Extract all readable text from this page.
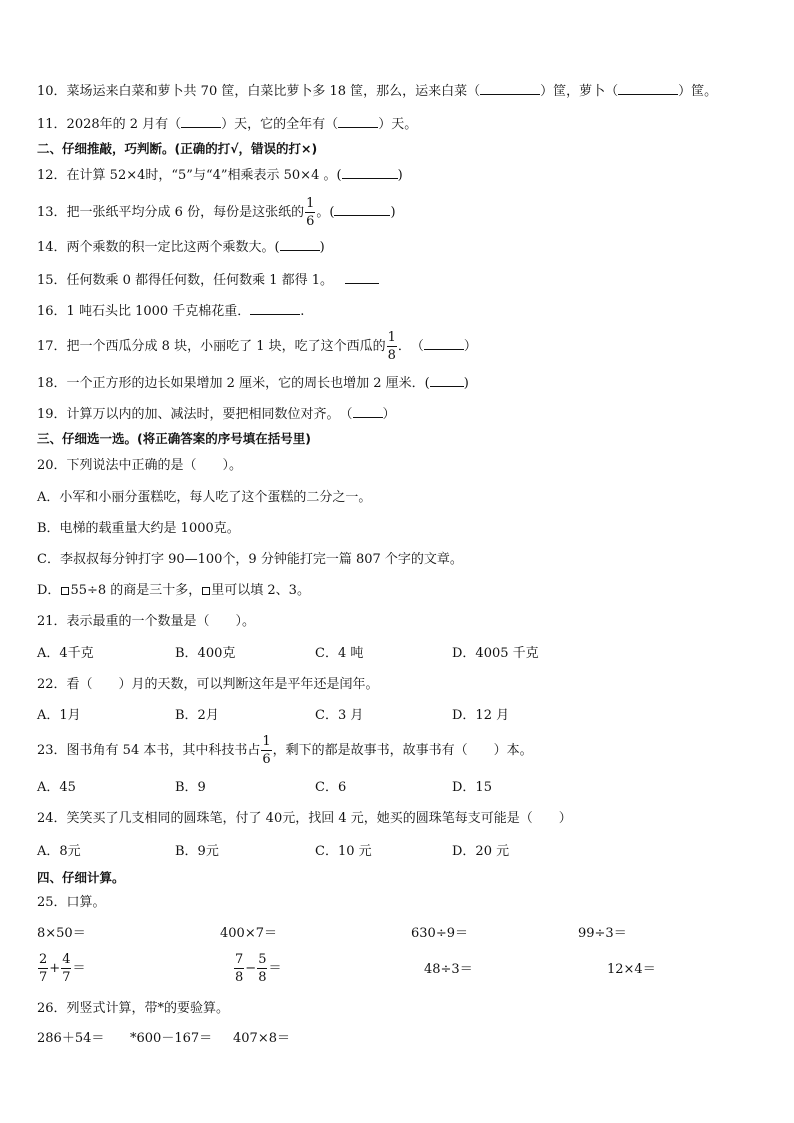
10．菜场运来白菜和萝卜共 70 筐，白菜比萝卜多 18 筐，那么，运来白菜（	）筐，萝卜（	）筐。
11．2028年的 2 月有（	）天，它的全年有（	）天。
二、仔细推敲，巧判断。(正确的打√，错误的打×)
12．在计算 52×4时，“5”与“4”相乘表示 50×4 。(	)
13．把一张纸平均分成 6 份，每份是这张纸的 $\frac{1}{6}$ 。(	)
14．两个乘数的积一定比这两个乘数大。(	)
15．任何数乘 0 都得任何数，任何数乘 1 都得 1。
16．1 吨石头比 1000 千克棉花重．	.
17．把一个西瓜分成 8 块，小丽吃了 1 块，吃了这个西瓜的 $\frac{1}{8}$ ．　（	）
18．一个正方形的边长如果增加 2 厘米，它的周长也增加 2 厘米．(	)
19．计算万以内的加、减法时，要把相同数位对齐。　（ ）
三、仔细选一选。(将正确答案的序号填在括号里)
20．下列说法中正确的是（　　）。
A．小军和小丽分蛋糕吃，每人吃了这个蛋糕的二分之一。
B．电梯的载重量大约是 1000克。
C．李叔叔每分钟打字 90—100个，9 分钟能打完一篇 807 个字的文章。
D． 55÷8 的商是三十多， 里可以填 2、3。
21．表示最重的一个数量是（　　）。
A．4千克	B．400克	C．4 吨	D．4005 千克
22．看（　　）月的天数，可以判断这年是平年还是闰年。
A．1月	B．2月	C．3 月	D．12 月
23．图书角有 54 本书，其中科技书占 $\frac{1}{6}$ ，剩下的都是故事书，故事书有（　　）本。
A．45	B．9	C．6	D．15
24．笑笑买了几支相同的圆珠笔，付了 40元，找回 4 元，她买的圆珠笔每支可能是（　　）
A．8元	B．9元	C．10 元	D．20 元
四、仔细计算。
25．口算。
8×50＝	400×7＝	630÷9＝	99÷3＝
$\frac{2}{7} + \frac{4}{7}$ ＝	$\frac{7}{8} - \frac{5}{8}$ ＝	48÷3＝	12×4＝
26．列竖式计算，带*的要验算。
286＋54＝ *600－167＝ 407×8＝
